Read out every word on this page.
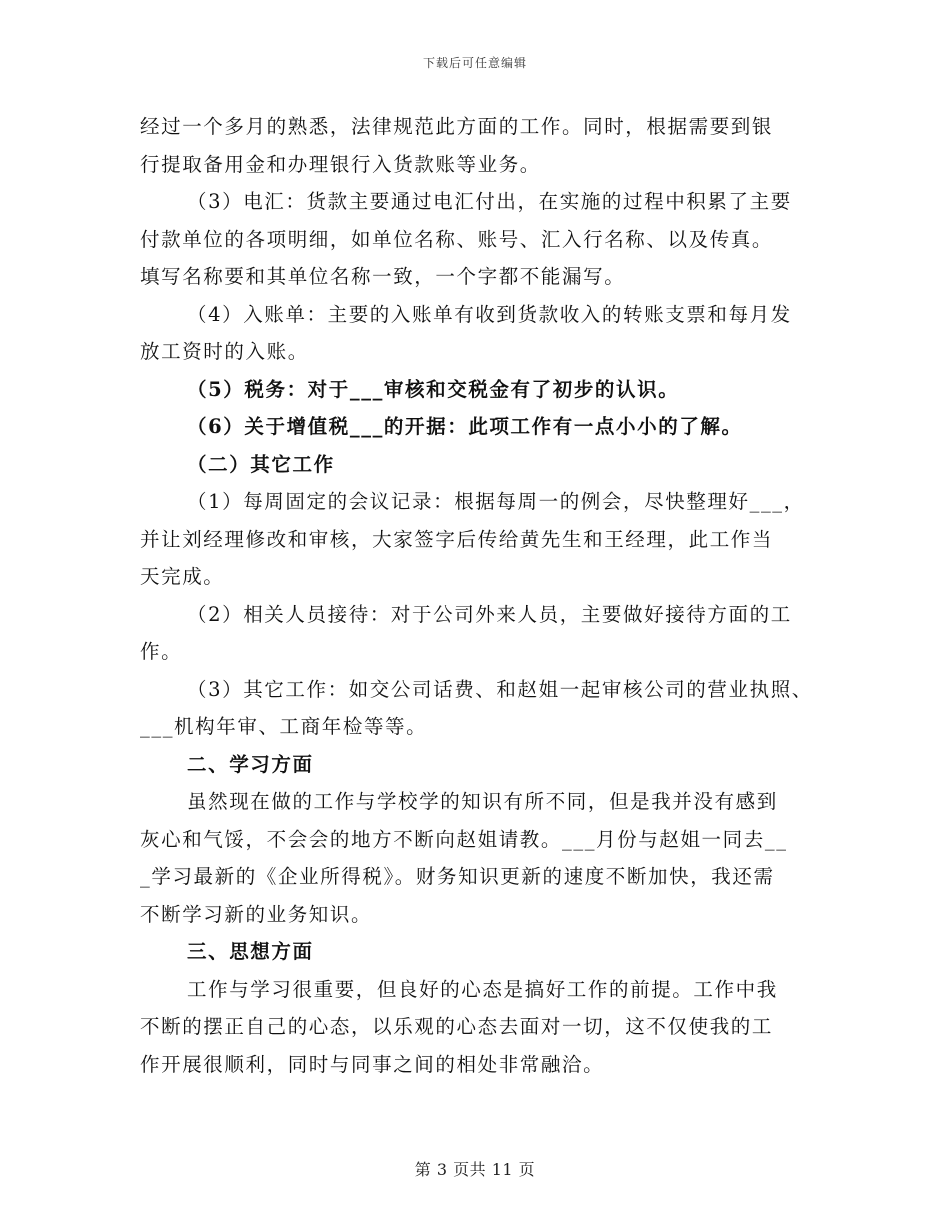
下载后可任意编辑

经过一个多月的熟悉，法律规范此方面的工作。同时，根据需要到银

行提取备用金和办理银行入货款账等业务。

（3）电汇：货款主要通过电汇付出，在实施的过程中积累了主要

付款单位的各项明细，如单位名称、账号、汇入行名称、以及传真。

填写名称要和其单位名称一致，一个字都不能漏写。

（4）入账单：主要的入账单有收到货款收入的转账支票和每月发

放工资时的入账。

（5）税务：对于___审核和交税金有了初步的认识。

（6）关于增值税___的开据：此项工作有一点小小的了解。

（二）其它工作

（1）每周固定的会议记录：根据每周一的例会，尽快整理好___，

并让刘经理修改和审核，大家签字后传给黄先生和王经理，此工作当

天完成。

（2）相关人员接待：对于公司外来人员，主要做好接待方面的工

作。

（3）其它工作：如交公司话费、和赵姐一起审核公司的营业执照、

___机构年审、工商年检等等。

二、学习方面

虽然现在做的工作与学校学的知识有所不同，但是我并没有感到

灰心和气馁，不会会的地方不断向赵姐请教。___月份与赵姐一同去__

_学习最新的《企业所得税》。财务知识更新的速度不断加快，我还需

不断学习新的业务知识。

三、思想方面

工作与学习很重要，但良好的心态是搞好工作的前提。工作中我

不断的摆正自己的心态，以乐观的心态去面对一切，这不仅使我的工

作开展很顺利，同时与同事之间的相处非常融洽。

第 3 页共 11 页
